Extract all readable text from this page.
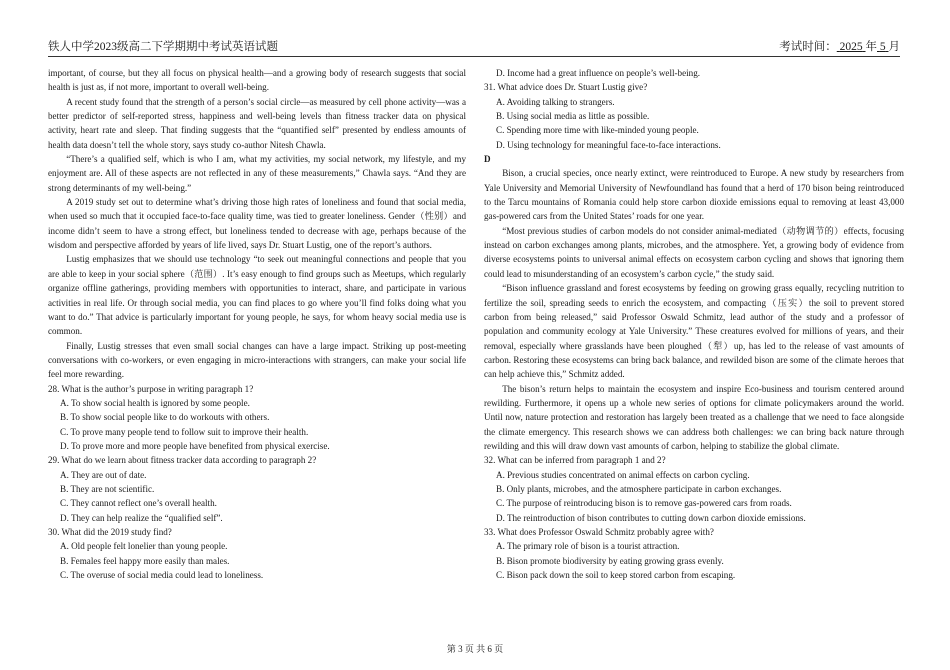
铁人中学2023级高二下学期期中考试英语试题	考试时间： 2025 年 5 月

important, of course, but they all focus on physical health—and a growing body of research suggests that social health is just as, if not more, important to overall well-being.

A recent study found that the strength of a person’s social circle—as measured by cell phone activity—was a better predictor of self-reported stress, happiness and well-being levels than fitness tracker data on physical activity, heart rate and sleep. That finding suggests that the “quantified self” presented by endless amounts of health data doesn’t tell the whole story, says study co-author Nitesh Chawla.

“There’s a qualified self, which is who I am, what my activities, my social network, my lifestyle, and my enjoyment are. All of these aspects are not reflected in any of these measurements,” Chawla says. “And they are strong determinants of my well-being.”

A 2019 study set out to determine what’s driving those high rates of loneliness and found that social media, when used so much that it occupied face-to-face quality time, was tied to greater loneliness. Gender（性别）and income didn’t seem to have a strong effect, but loneliness tended to decrease with age, perhaps because of the wisdom and perspective afforded by years of life lived, says Dr. Stuart Lustig, one of the report’s authors.

Lustig emphasizes that we should use technology “to seek out meaningful connections and people that you are able to keep in your social sphere（范围）. It’s easy enough to find groups such as Meetups, which regularly organize offline gatherings, providing members with opportunities to interact, share, and participate in various activities in real life. Or through social media, you can find places to go where you’ll find folks doing what you want to do.” That advice is particularly important for young people, he says, for whom heavy social media use is common.

Finally, Lustig stresses that even small social changes can have a large impact. Striking up post-meeting conversations with co-workers, or even engaging in micro-interactions with strangers, can make your social life feel more rewarding.

28. What is the author’s purpose in writing paragraph 1?

A. To show social health is ignored by some people.

B. To show social people like to do workouts with others.

C. To prove many people tend to follow suit to improve their health.

D. To prove more and more people have benefited from physical exercise.

29. What do we learn about fitness tracker data according to paragraph 2?

A. They are out of date.

B. They are not scientific.

C. They cannot reflect one’s overall health.

D. They can help realize the “qualified self”.

30. What did the 2019 study find?

A. Old people felt lonelier than young people.

B. Females feel happy more easily than males.

C. The overuse of social media could lead to loneliness.

D. Income had a great influence on people’s well-being.

31. What advice does Dr. Stuart Lustig give?

A. Avoiding talking to strangers.

B. Using social media as little as possible.

C. Spending more time with like-minded young people.

D. Using technology for meaningful face-to-face interactions.

D

Bison, a crucial species, once nearly extinct, were reintroduced to Europe. A new study by researchers from Yale University and Memorial University of Newfoundland has found that a herd of 170 bison being reintroduced to the Tarcu mountains of Romania could help store carbon dioxide emissions equal to removing at least 43,000 gas-powered cars from the United States’ roads for one year.

“Most previous studies of carbon models do not consider animal-mediated（动物调节的）effects, focusing instead on carbon exchanges among plants, microbes, and the atmosphere. Yet, a growing body of evidence from diverse ecosystems points to universal animal effects on ecosystem carbon cycling and shows that ignoring them could lead to misunderstanding of an ecosystem’s carbon cycle,” the study said.

“Bison influence grassland and forest ecosystems by feeding on growing grass equally, recycling nutrition to fertilize the soil, spreading seeds to enrich the ecosystem, and compacting（压实）the soil to prevent stored carbon from being released,” said Professor Oswald Schmitz, lead author of the study and a professor of population and community ecology at Yale University.” These creatures evolved for millions of years, and their removal, especially where grasslands have been ploughed（犁）up, has led to the release of vast amounts of carbon. Restoring these ecosystems can bring back balance, and rewilded bison are some of the climate heroes that can help achieve this,” Schmitz added.

The bison’s return helps to maintain the ecosystem and inspire Eco-business and tourism centered around rewilding. Furthermore, it opens up a whole new series of options for climate policymakers around the world. Until now, nature protection and restoration has largely been treated as a challenge that we need to face alongside the climate emergency. This research shows we can address both challenges: we can bring back nature through rewilding and this will draw down vast amounts of carbon, helping to stabilize the global climate.

32. What can be inferred from paragraph 1 and 2?

A. Previous studies concentrated on animal effects on carbon cycling.

B. Only plants, microbes, and the atmosphere participate in carbon exchanges.

C. The purpose of reintroducing bison is to remove gas-powered cars from roads.

D. The reintroduction of bison contributes to cutting down carbon dioxide emissions.

33. What does Professor Oswald Schmitz probably agree with?

A. The primary role of bison is a tourist attraction.

B. Bison promote biodiversity by eating growing grass evenly.

C. Bison pack down the soil to keep stored carbon from escaping.

第 3 页 共 6 页
